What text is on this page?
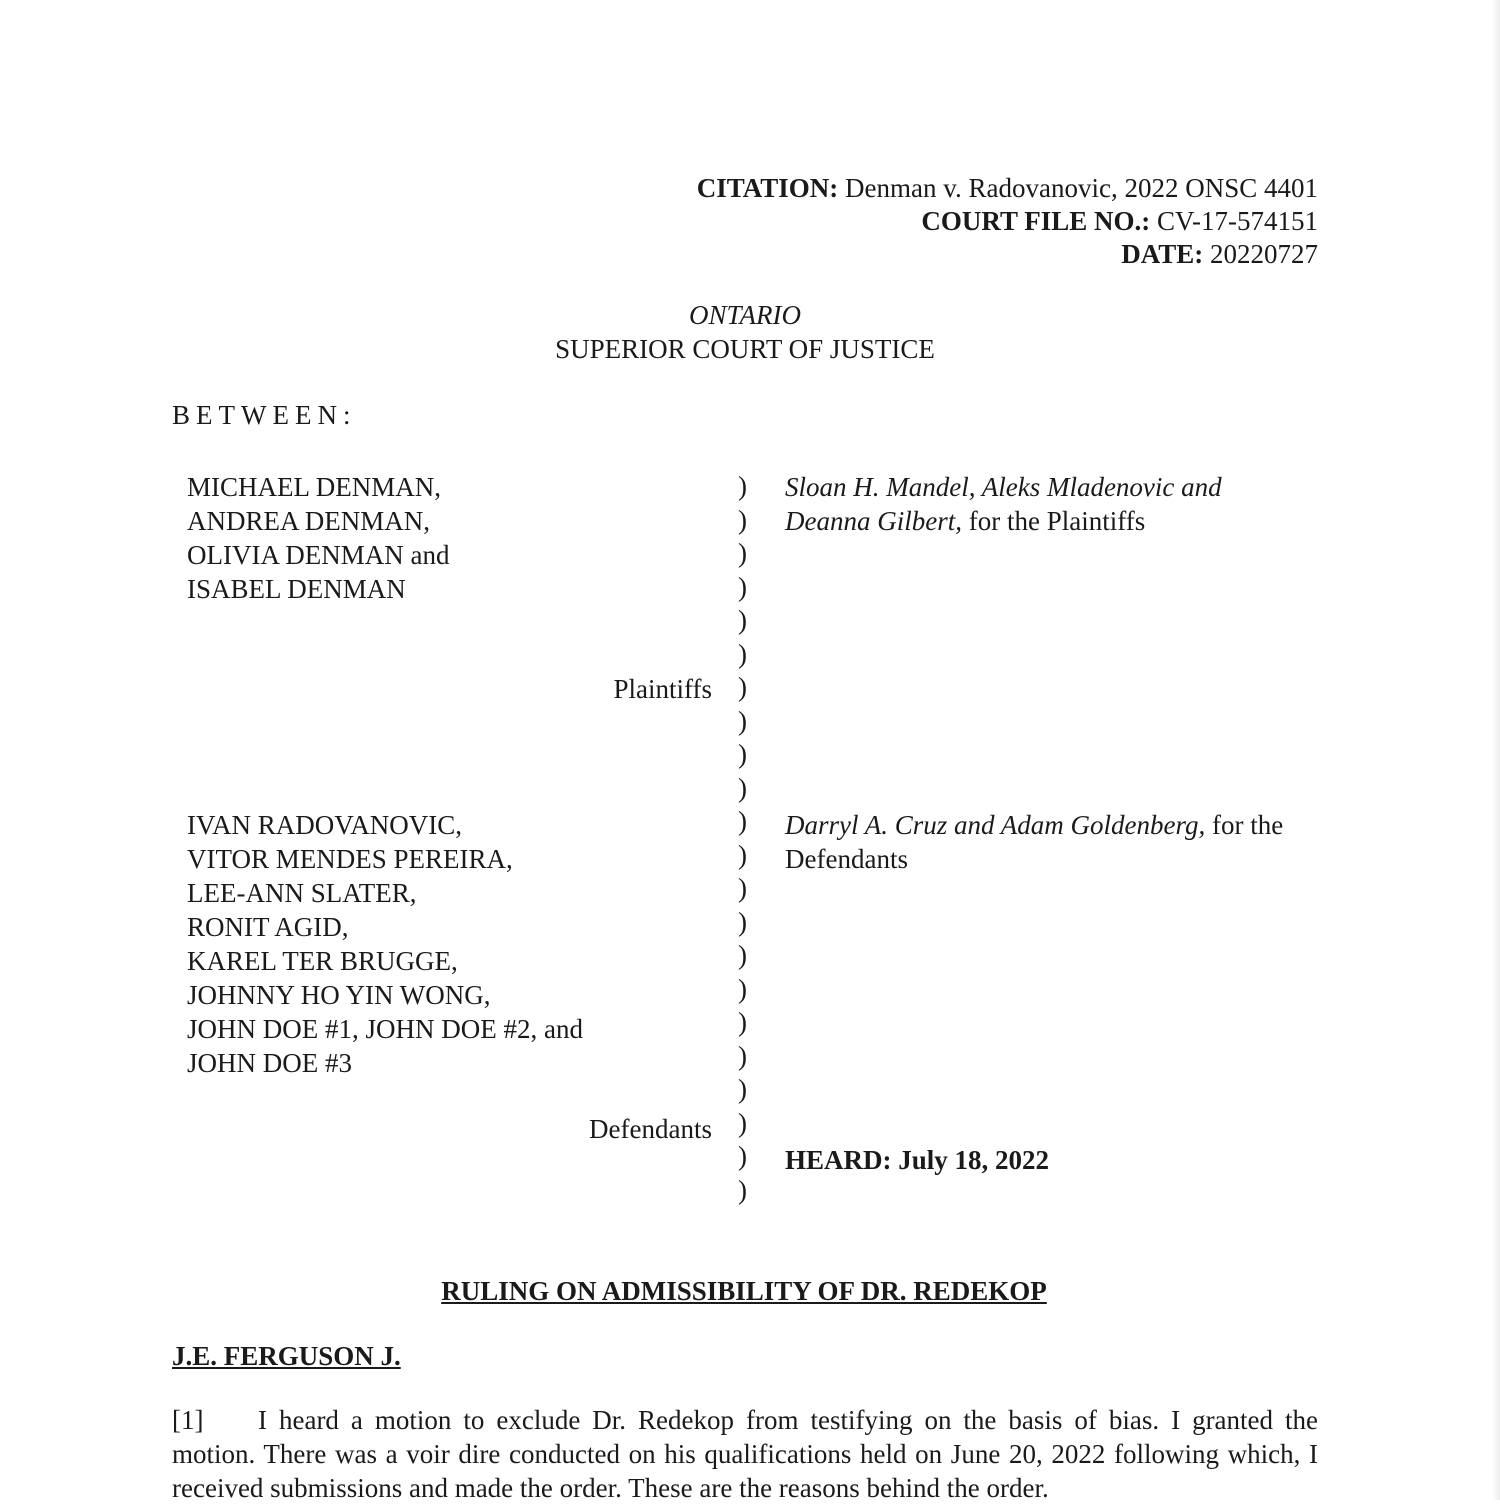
CITATION: Denman v. Radovanovic, 2022 ONSC 4401
COURT FILE NO.: CV-17-574151
DATE: 20220727
ONTARIO
SUPERIOR COURT OF JUSTICE
BETWEEN:
MICHAEL DENMAN,
ANDREA DENMAN,
OLIVIA DENMAN and
ISABEL DENMAN
Plaintiffs
IVAN RADOVANOVIC,
VITOR MENDES PEREIRA,
LEE-ANN SLATER,
RONIT AGID,
KAREL TER BRUGGE,
JOHNNY HO YIN WONG,
JOHN DOE #1, JOHN DOE #2, and
JOHN DOE #3
Defendants
)
)
)
)
)
)
)
)
)
)
)
)
)
)
)
)
)
)
)
)
)
)
Sloan H. Mandel, Aleks Mladenovic and Deanna Gilbert, for the Plaintiffs
Darryl A. Cruz and Adam Goldenberg, for the Defendants
HEARD: July 18, 2022
RULING ON ADMISSIBILITY OF DR. REDEKOP
J.E. FERGUSON J.
[1] I heard a motion to exclude Dr. Redekop from testifying on the basis of bias. I granted the motion. There was a voir dire conducted on his qualifications held on June 20, 2022 following which, I received submissions and made the order. These are the reasons behind the order.
